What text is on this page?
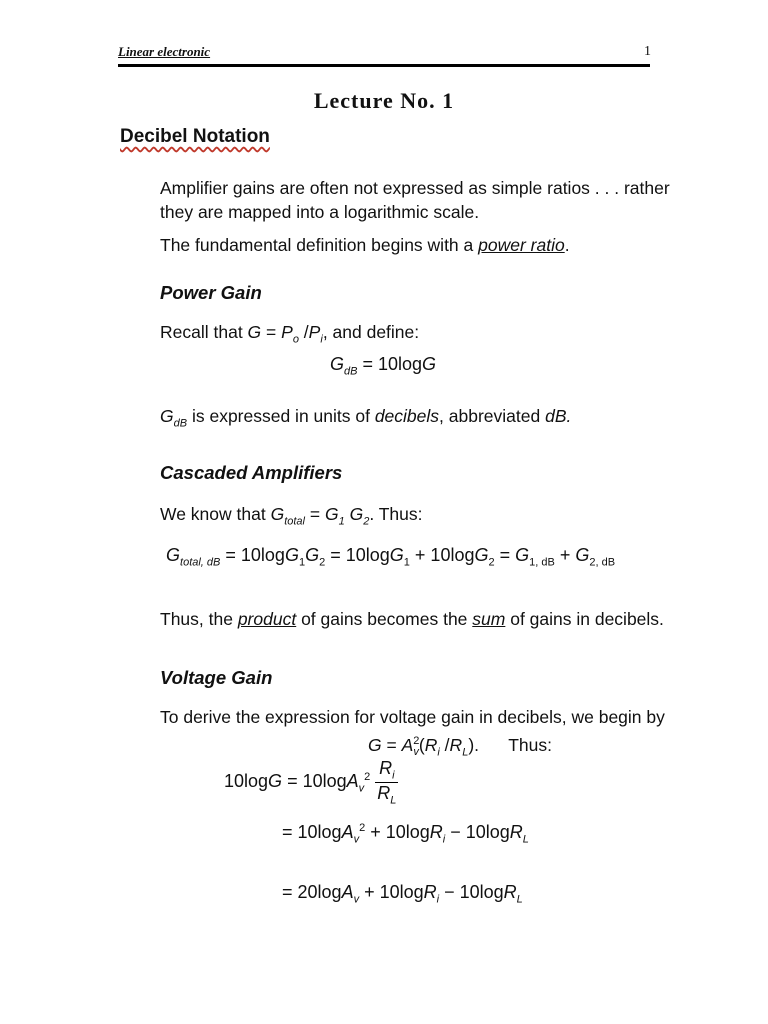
Linear electronic	1
Lecture No. 1
Decibel Notation
Amplifier gains are often not expressed as simple ratios . . . rather
they are mapped into a logarithmic scale.
The fundamental definition begins with a power ratio.
Power Gain
Recall that $G = P_o$ $/P_i$, and define:
$G_{dB} = 10\log G$
$G_{dB}$ is expressed in units of decibels, abbreviated dB.
Cascaded Amplifiers
We know that $G_{total} = G_1$ $G_2$. Thus:
$G_{total, dB} = 10\log G_1G_2 = 10\log G_1 + 10\log G_2 = G_{1, dB} + G_{2, dB}$
Thus, the product of gains becomes the sum of gains in decibels.
Voltage Gain
To derive the expression for voltage gain in decibels, we begin by
$G = A^2_v(R_i$ $/R_L$).      Thus:
$10\log G = 10\log A_v^2 \frac{R_i}{R_L}$
= 10logA$_v^2$ + 10logR$_i$ − 10logR$_L$
= 20logA$_v$ + 10logR$_i$ − 10logR$_L$
